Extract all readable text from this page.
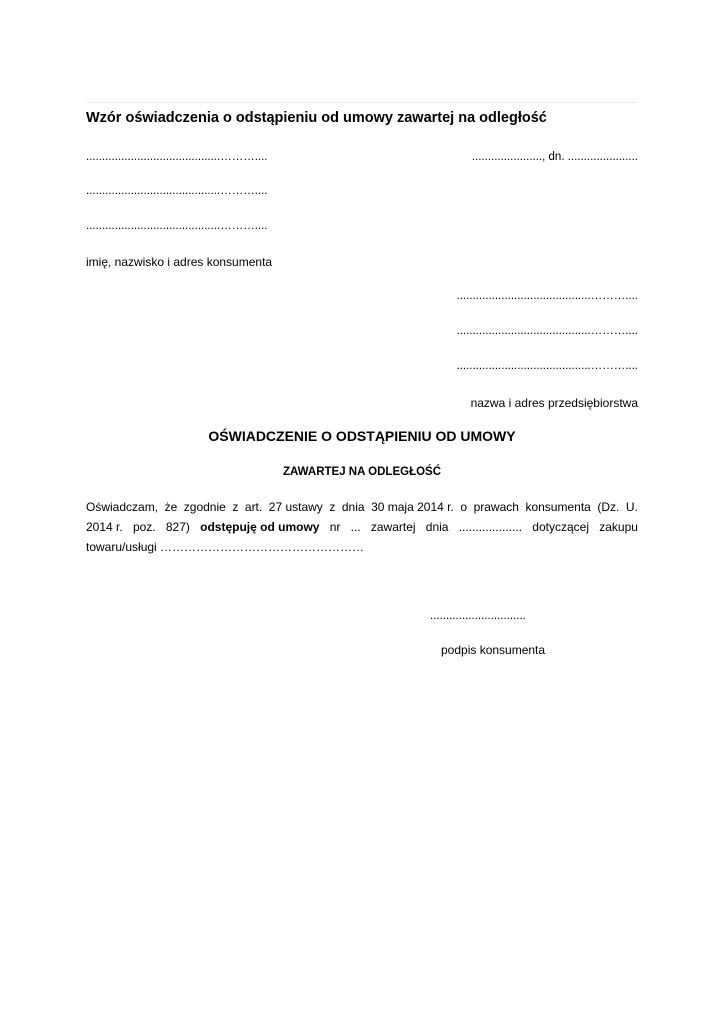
Wzór oświadczenia o odstąpieniu od umowy zawartej na odległość
..........................................………....	......................, dn. ......................
..........................................………....
..........................................………....
imię, nazwisko i adres konsumenta
..........................................………....
..........................................………....
..........................................………....
nazwa i adres przedsiębiorstwa
OŚWIADCZENIE O ODSTĄPIENIU OD UMOWY
ZAWARTEJ NA ODLEGŁOŚĆ
Oświadczam, że zgodnie z art. 27 ustawy z dnia 30 maja 2014 r. o prawach konsumenta (Dz. U.
2014 r. poz. 827) odstępuję od umowy nr ... zawartej dnia ................... dotyczącej zakupu
towaru/usługi ……………………………………………
..............................
podpis konsumenta
